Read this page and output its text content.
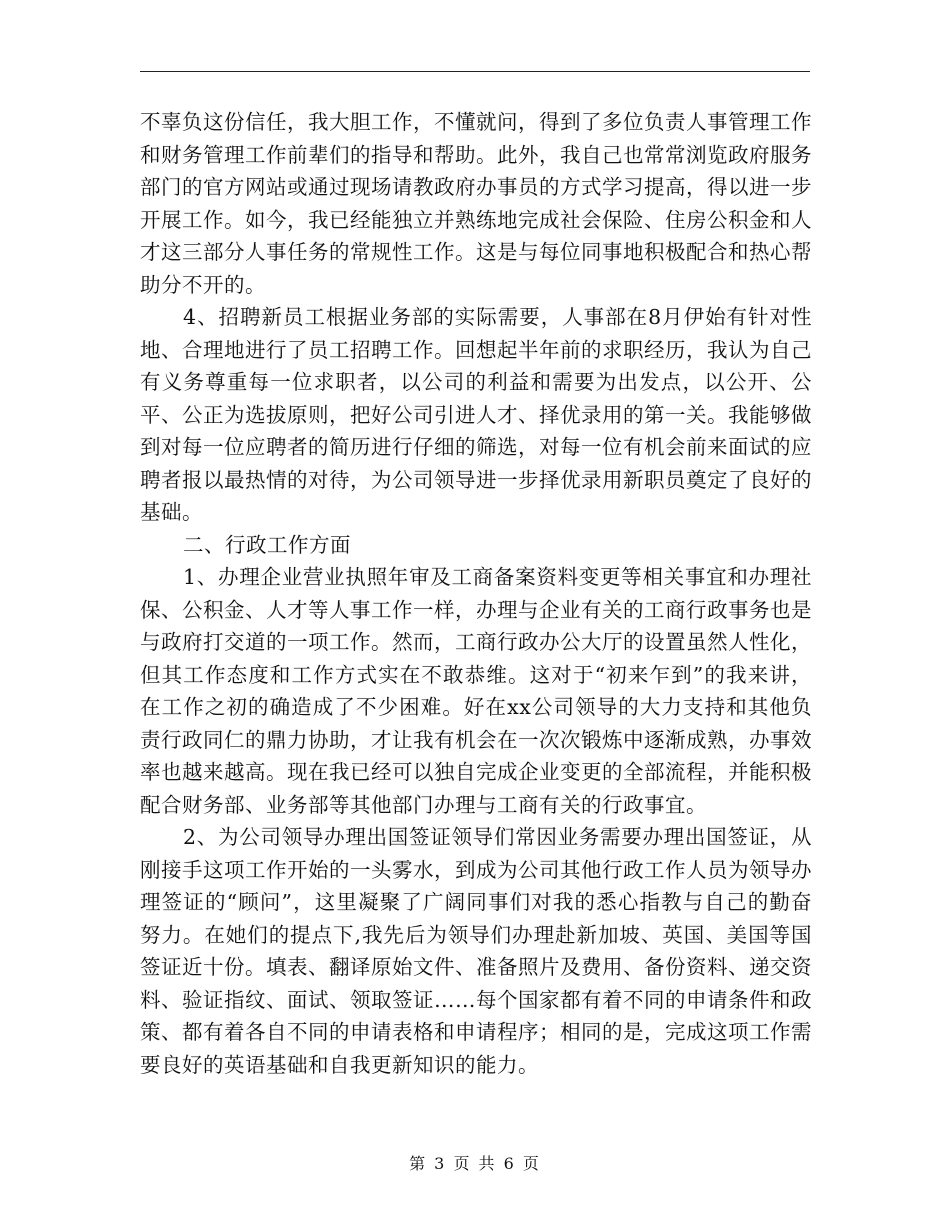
不辜负这份信任，我大胆工作，不懂就问，得到了多位负责人事管理工作和财务管理工作前辈们的指导和帮助。此外，我自己也常常浏览政府服务部门的官方网站或通过现场请教政府办事员的方式学习提高，得以进一步开展工作。如今，我已经能独立并熟练地完成社会保险、住房公积金和人才这三部分人事任务的常规性工作。这是与每位同事地积极配合和热心帮助分不开的。

4、招聘新员工根据业务部的实际需要，人事部在8月伊始有针对性地、合理地进行了员工招聘工作。回想起半年前的求职经历，我认为自己有义务尊重每一位求职者，以公司的利益和需要为出发点，以公开、公平、公正为选拔原则，把好公司引进人才、择优录用的第一关。我能够做到对每一位应聘者的简历进行仔细的筛选，对每一位有机会前来面试的应聘者报以最热情的对待，为公司领导进一步择优录用新职员奠定了良好的基础。

二、行政工作方面

1、办理企业营业执照年审及工商备案资料变更等相关事宜和办理社保、公积金、人才等人事工作一样，办理与企业有关的工商行政事务也是与政府打交道的一项工作。然而，工商行政办公大厅的设置虽然人性化，但其工作态度和工作方式实在不敢恭维。这对于“初来乍到”的我来讲，在工作之初的确造成了不少困难。好在xx公司领导的大力支持和其他负责行政同仁的鼎力协助，才让我有机会在一次次锻炼中逐渐成熟，办事效率也越来越高。现在我已经可以独自完成企业变更的全部流程，并能积极配合财务部、业务部等其他部门办理与工商有关的行政事宜。

2、为公司领导办理出国签证领导们常因业务需要办理出国签证，从刚接手这项工作开始的一头雾水，到成为公司其他行政工作人员为领导办理签证的“顾问”，这里凝聚了广阔同事们对我的悉心指教与自己的勤奋努力。在她们的提点下,我先后为领导们办理赴新加坡、英国、美国等国签证近十份。填表、翻译原始文件、准备照片及费用、备份资料、递交资料、验证指纹、面试、领取签证……每个国家都有着不同的申请条件和政策、都有着各自不同的申请表格和申请程序；相同的是，完成这项工作需要良好的英语基础和自我更新知识的能力。

第 3 页 共 6 页
